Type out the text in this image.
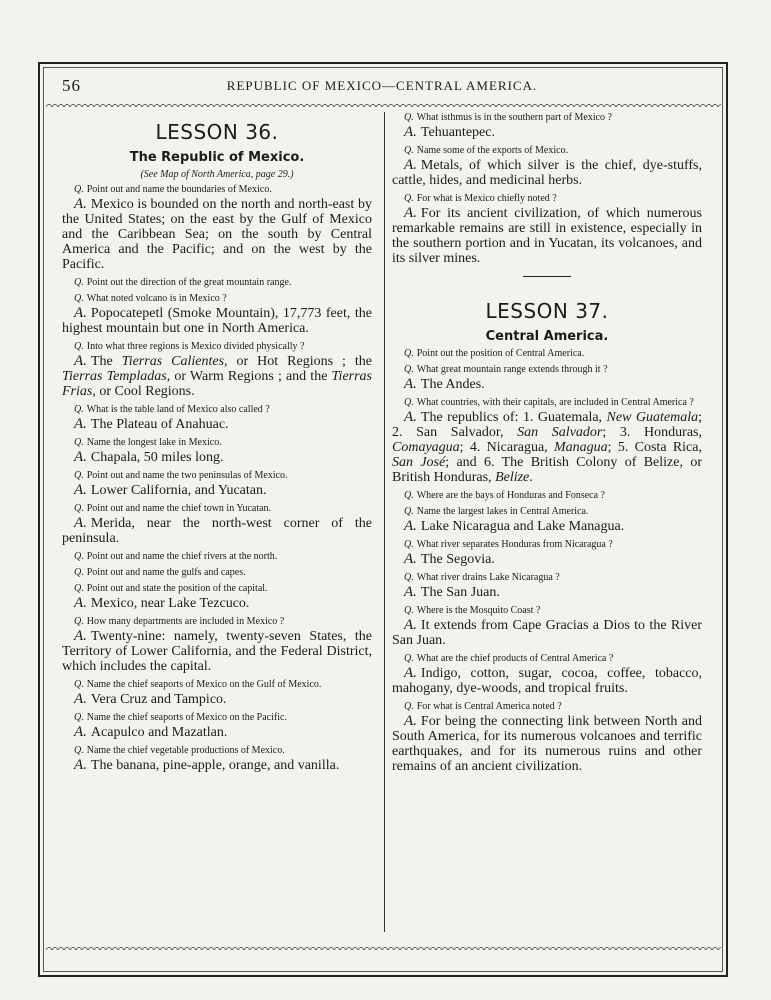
56	REPUBLIC OF MEXICO—CENTRAL AMERICA.
LESSON 36.
The Republic of Mexico.
(See Map of North America, page 29.)
Q. Point out and name the boundaries of Mexico.
A. Mexico is bounded on the north and north-east by the United States; on the east by the Gulf of Mexico and the Caribbean Sea; on the south by Central America and the Pacific; and on the west by the Pacific.
Q. Point out the direction of the great mountain range.
Q. What noted volcano is in Mexico ?
A. Popocatepetl (Smoke Mountain), 17,773 feet, the highest mountain but one in North America.
Q. Into what three regions is Mexico divided physically ?
A. The Tierras Calientes, or Hot Regions ; the Tierras Templadas, or Warm Regions ; and the Tierras Frias, or Cool Regions.
Q. What is the table land of Mexico also called ?
A. The Plateau of Anahuac.
Q. Name the longest lake in Mexico.
A. Chapala, 50 miles long.
Q. Point out and name the two peninsulas of Mexico.
A. Lower California, and Yucatan.
Q. Point out and name the chief town in Yucatan.
A. Merida, near the north-west corner of the peninsula.
Q. Point out and name the chief rivers at the north.
Q. Point out and name the gulfs and capes.
Q. Point out and state the position of the capital.
A. Mexico, near Lake Tezcuco.
Q. How many departments are included in Mexico ?
A. Twenty-nine: namely, twenty-seven States, the Territory of Lower California, and the Federal District, which includes the capital.
Q. Name the chief seaports of Mexico on the Gulf of Mexico.
A. Vera Cruz and Tampico.
Q. Name the chief seaports of Mexico on the Pacific.
A. Acapulco and Mazatlan.
Q. Name the chief vegetable productions of Mexico.
A. The banana, pine-apple, orange, and vanilla.
Q. What isthmus is in the southern part of Mexico ?
A. Tehuantepec.
Q. Name some of the exports of Mexico.
A. Metals, of which silver is the chief, dye-stuffs, cattle, hides, and medicinal herbs.
Q. For what is Mexico chiefly noted ?
A. For its ancient civilization, of which numerous remarkable remains are still in existence, especially in the southern portion and in Yucatan, its volcanoes, and its silver mines.
LESSON 37.
Central America.
Q. Point out the position of Central America.
Q. What great mountain range extends through it ?
A. The Andes.
Q. What countries, with their capitals, are included in Central America ?
A. The republics of: 1. Guatemala, New Guatemala; 2. San Salvador, San Salvador; 3. Honduras, Comayagua; 4. Nicaragua, Managua; 5. Costa Rica, San José; and 6. The British Colony of Belize, or British Honduras, Belize.
Q. Where are the bays of Honduras and Fonseca ?
Q. Name the largest lakes in Central America.
A. Lake Nicaragua and Lake Managua.
Q. What river separates Honduras from Nicaragua ?
A. The Segovia.
Q. What river drains Lake Nicaragua ?
A. The San Juan.
Q. Where is the Mosquito Coast ?
A. It extends from Cape Gracias a Dios to the River San Juan.
Q. What are the chief products of Central America ?
A. Indigo, cotton, sugar, cocoa, coffee, tobacco, mahogany, dye-woods, and tropical fruits.
Q. For what is Central America noted ?
A. For being the connecting link between North and South America, for its numerous volcanoes and terrific earthquakes, and for its numerous ruins and other remains of an ancient civilization.
